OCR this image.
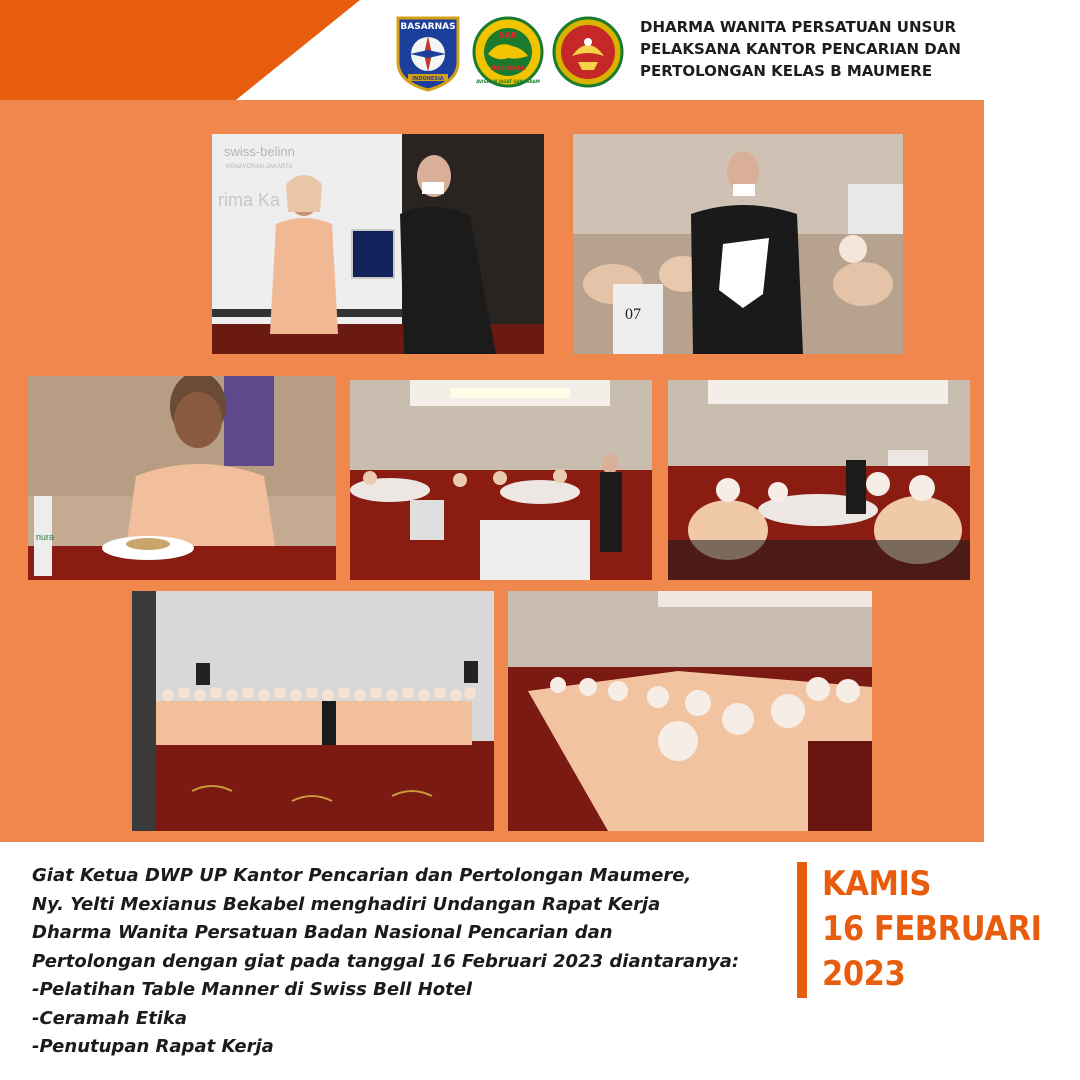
BASARNAS
INDONESIA
SAR
NASIONAL
AVIGNAM JAGAT SAMAGRAM
DHARMA WANITA PERSATUAN UNSUR
PELAKSANA KANTOR PENCARIAN DAN
PERTOLONGAN KELAS B MAUMERE
swiss-belinn
KEMAYORAN-JAKARTA
rima Ka
07
nura
Giat Ketua DWP UP Kantor Pencarian dan Pertolongan Maumere,
Ny. Yelti Mexianus Bekabel menghadiri Undangan Rapat Kerja
Dharma Wanita Persatuan Badan Nasional Pencarian dan
Pertolongan dengan giat pada tanggal 16 Februari 2023 diantaranya:
-Pelatihan Table Manner di Swiss Bell Hotel
-Ceramah Etika
-Penutupan Rapat Kerja
KAMIS
16 FEBRUARI
2023
